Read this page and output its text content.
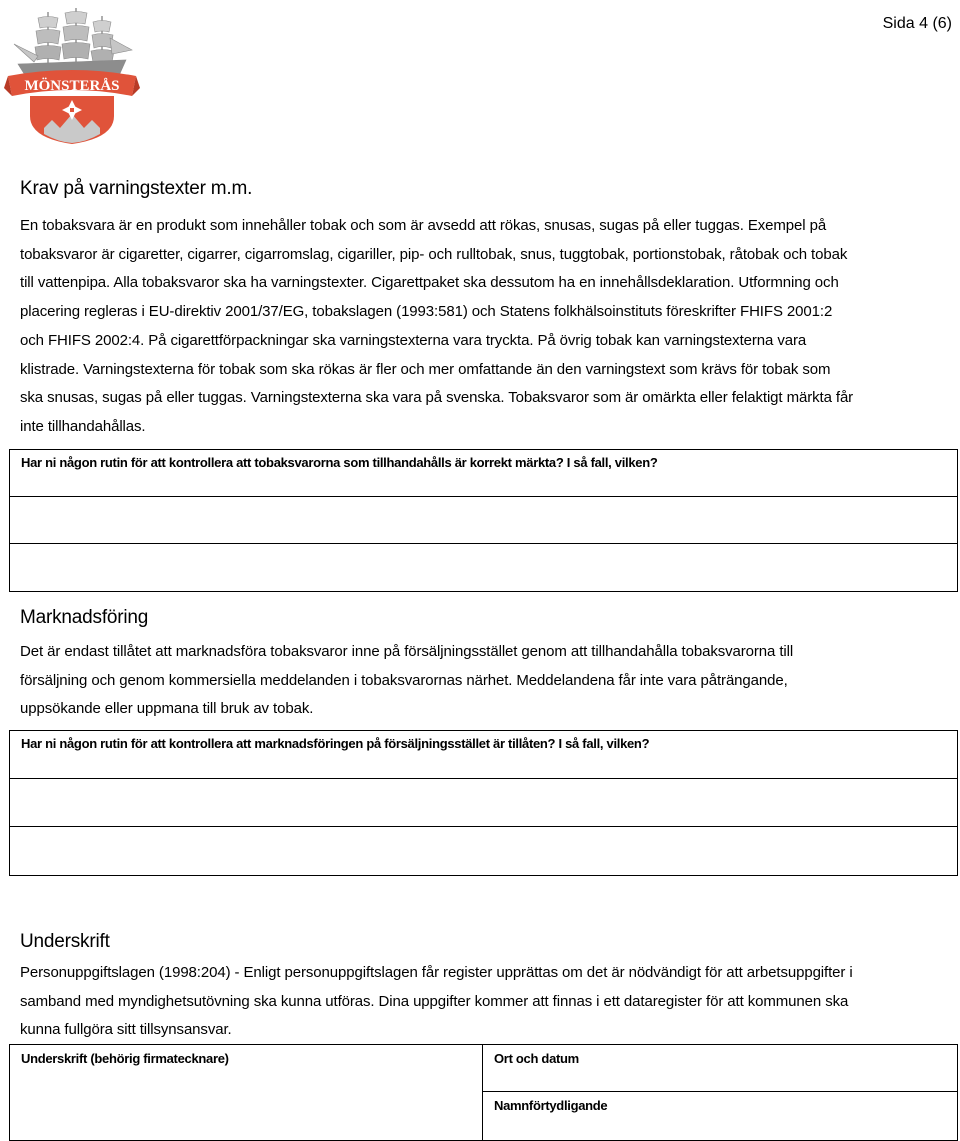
Sida 4 (6)
MÖNSTERÅS
Krav på varningstexter m.m.
En tobaksvara är en produkt som innehåller tobak och som är avsedd att rökas, snusas, sugas på eller tuggas. Exempel på
tobaksvaror är cigaretter, cigarrer, cigarromslag, cigariller, pip- och rulltobak, snus, tuggtobak, portionstobak, råtobak och tobak
till vattenpipa. Alla tobaksvaror ska ha varningstexter. Cigarettpaket ska dessutom ha en innehållsdeklaration. Utformning och
placering regleras i EU-direktiv 2001/37/EG, tobakslagen (1993:581) och Statens folkhälsoinstituts föreskrifter FHIFS 2001:2
och FHIFS 2002:4. På cigarettförpackningar ska varningstexterna vara tryckta. På övrig tobak kan varningstexterna vara
klistrade. Varningstexterna för tobak som ska rökas är fler och mer omfattande än den varningstext som krävs för tobak som
ska snusas, sugas på eller tuggas. Varningstexterna ska vara på svenska. Tobaksvaror som är omärkta eller felaktigt märkta får
inte tillhandahållas.
Har ni någon rutin för att kontrollera att tobaksvarorna som tillhandahålls är korrekt märkta? I så fall, vilken?
Marknadsföring
Det är endast tillåtet att marknadsföra tobaksvaror inne på försäljningsstället genom att tillhandahålla tobaksvarorna till
försäljning och genom kommersiella meddelanden i tobaksvarornas närhet. Meddelandena får inte vara påträngande,
uppsökande eller uppmana till bruk av tobak.
Har ni någon rutin för att kontrollera att marknadsföringen på försäljningsstället är tillåten? I så fall, vilken?
Underskrift
Personuppgiftslagen (1998:204) - Enligt personuppgiftslagen får register upprättas om det är nödvändigt för att arbetsuppgifter i
samband med myndighetsutövning ska kunna utföras. Dina uppgifter kommer att finnas i ett dataregister för att kommunen ska
kunna fullgöra sitt tillsynsansvar.
Underskrift (behörig firmatecknare)	Ort och datum
Namnförtydligande
